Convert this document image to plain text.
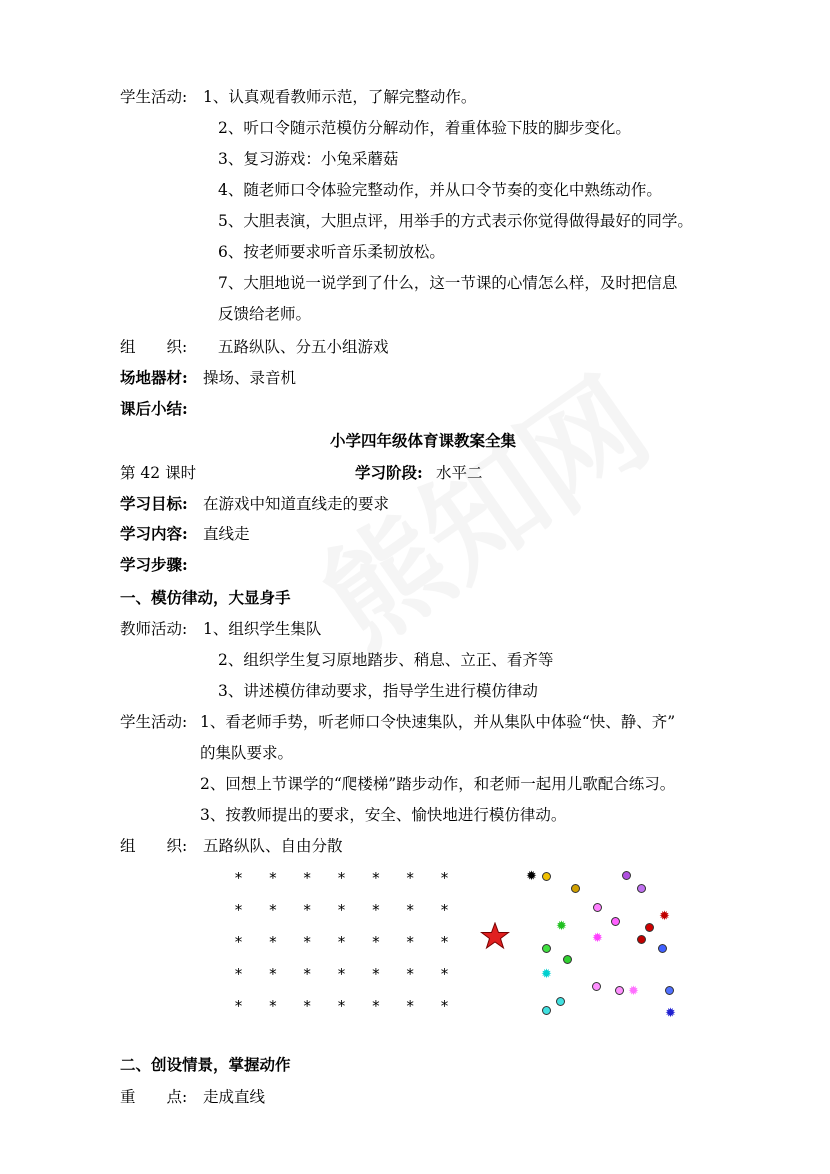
学生活动: 1、认真观看教师示范，了解完整动作。
2、听口令随示范模仿分解动作，着重体验下肢的脚步变化。
3、复习游戏：小兔采蘑菇
4、随老师口令体验完整动作，并从口令节奏的变化中熟练动作。
5、大胆表演，大胆点评，用举手的方式表示你觉得做得最好的同学。
6、按老师要求听音乐柔韧放松。
7、大胆地说一说学到了什么，这一节课的心情怎么样，及时把信息
反馈给老师。
组　　织: 五路纵队、分五小组游戏
场地器材: 操场、录音机
课后小结:
小学四年级体育课教案全集
第 42 课时	学习阶段: 水平二
学习目标: 在游戏中知道直线走的要求
学习内容: 直线走
学习步骤:
一、模仿律动，大显身手
教师活动: 1、组织学生集队
2、组织学生复习原地踏步、稍息、立正、看齐等
3、讲述模仿律动要求，指导学生进行模仿律动
学生活动: 1、看老师手势，听老师口令快速集队，并从集队中体验“快、静、齐”
的集队要求。
2、回想上节课学的“爬楼梯”踏步动作，和老师一起用儿歌配合练习。
3、按教师提出的要求，安全、愉快地进行模仿律动。
组　　织: 五路纵队、自由分散
* * * * * * *
* * * * * * *
* * * * * * *
* * * * * * *
* * * * * * *
✹
✹
✹
✹
✹
✹
✹
二、创设情景，掌握动作
重　　点: 走成直线
